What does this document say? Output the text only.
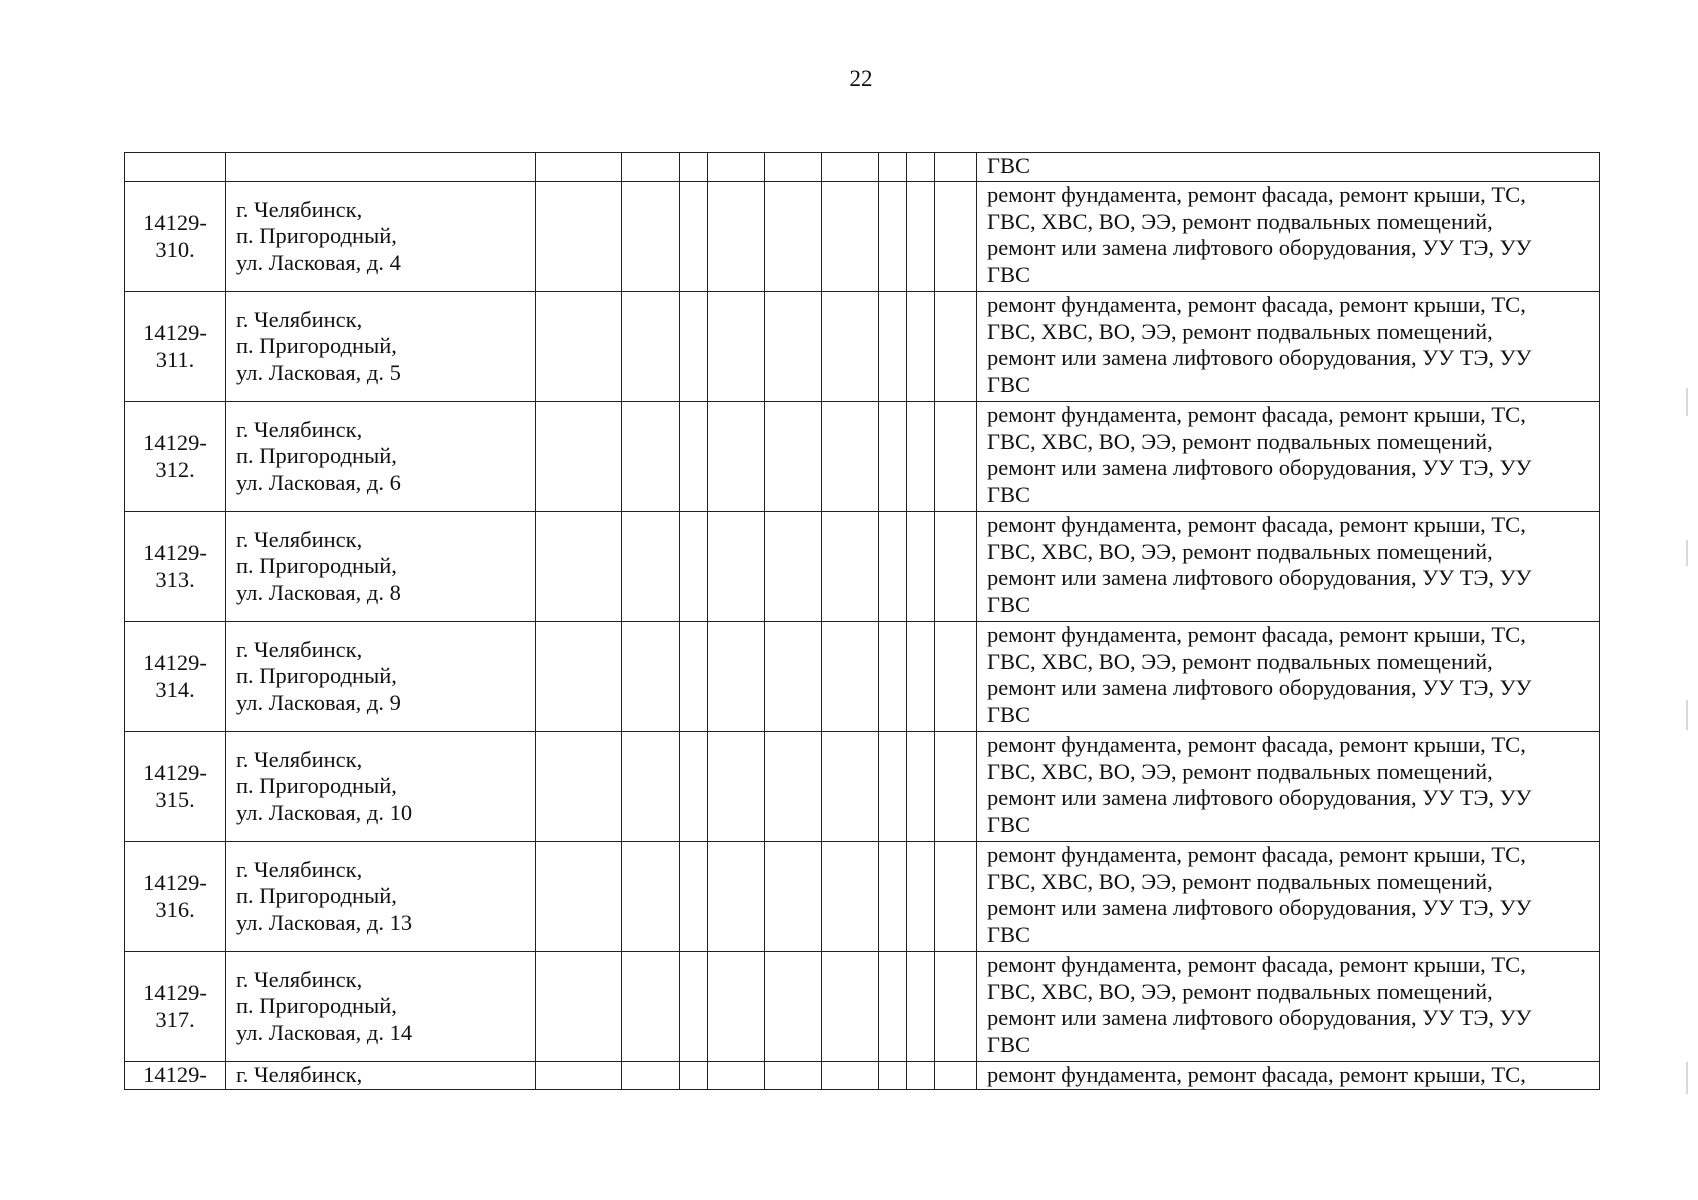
22

											ГВС

14129-
310.	г. Челябинск,
п. Пригородный,
ул. Ласковая, д. 4										ремонт фундамента, ремонт фасада, ремонт крыши, ТС,
ГВС, ХВС, ВО, ЭЭ, ремонт подвальных помещений,
ремонт или замена лифтового оборудования, УУ ТЭ, УУ
ГВС

14129-
311.	г. Челябинск,
п. Пригородный,
ул. Ласковая, д. 5										ремонт фундамента, ремонт фасада, ремонт крыши, ТС,
ГВС, ХВС, ВО, ЭЭ, ремонт подвальных помещений,
ремонт или замена лифтового оборудования, УУ ТЭ, УУ
ГВС

14129-
312.	г. Челябинск,
п. Пригородный,
ул. Ласковая, д. 6										ремонт фундамента, ремонт фасада, ремонт крыши, ТС,
ГВС, ХВС, ВО, ЭЭ, ремонт подвальных помещений,
ремонт или замена лифтового оборудования, УУ ТЭ, УУ
ГВС

14129-
313.	г. Челябинск,
п. Пригородный,
ул. Ласковая, д. 8										ремонт фундамента, ремонт фасада, ремонт крыши, ТС,
ГВС, ХВС, ВО, ЭЭ, ремонт подвальных помещений,
ремонт или замена лифтового оборудования, УУ ТЭ, УУ
ГВС

14129-
314.	г. Челябинск,
п. Пригородный,
ул. Ласковая, д. 9										ремонт фундамента, ремонт фасада, ремонт крыши, ТС,
ГВС, ХВС, ВО, ЭЭ, ремонт подвальных помещений,
ремонт или замена лифтового оборудования, УУ ТЭ, УУ
ГВС

14129-
315.	г. Челябинск,
п. Пригородный,
ул. Ласковая, д. 10										ремонт фундамента, ремонт фасада, ремонт крыши, ТС,
ГВС, ХВС, ВО, ЭЭ, ремонт подвальных помещений,
ремонт или замена лифтового оборудования, УУ ТЭ, УУ
ГВС

14129-
316.	г. Челябинск,
п. Пригородный,
ул. Ласковая, д. 13										ремонт фундамента, ремонт фасада, ремонт крыши, ТС,
ГВС, ХВС, ВО, ЭЭ, ремонт подвальных помещений,
ремонт или замена лифтового оборудования, УУ ТЭ, УУ
ГВС

14129-
317.	г. Челябинск,
п. Пригородный,
ул. Ласковая, д. 14										ремонт фундамента, ремонт фасада, ремонт крыши, ТС,
ГВС, ХВС, ВО, ЭЭ, ремонт подвальных помещений,
ремонт или замена лифтового оборудования, УУ ТЭ, УУ
ГВС

14129-	г. Челябинск,										ремонт фундамента, ремонт фасада, ремонт крыши, ТС,
